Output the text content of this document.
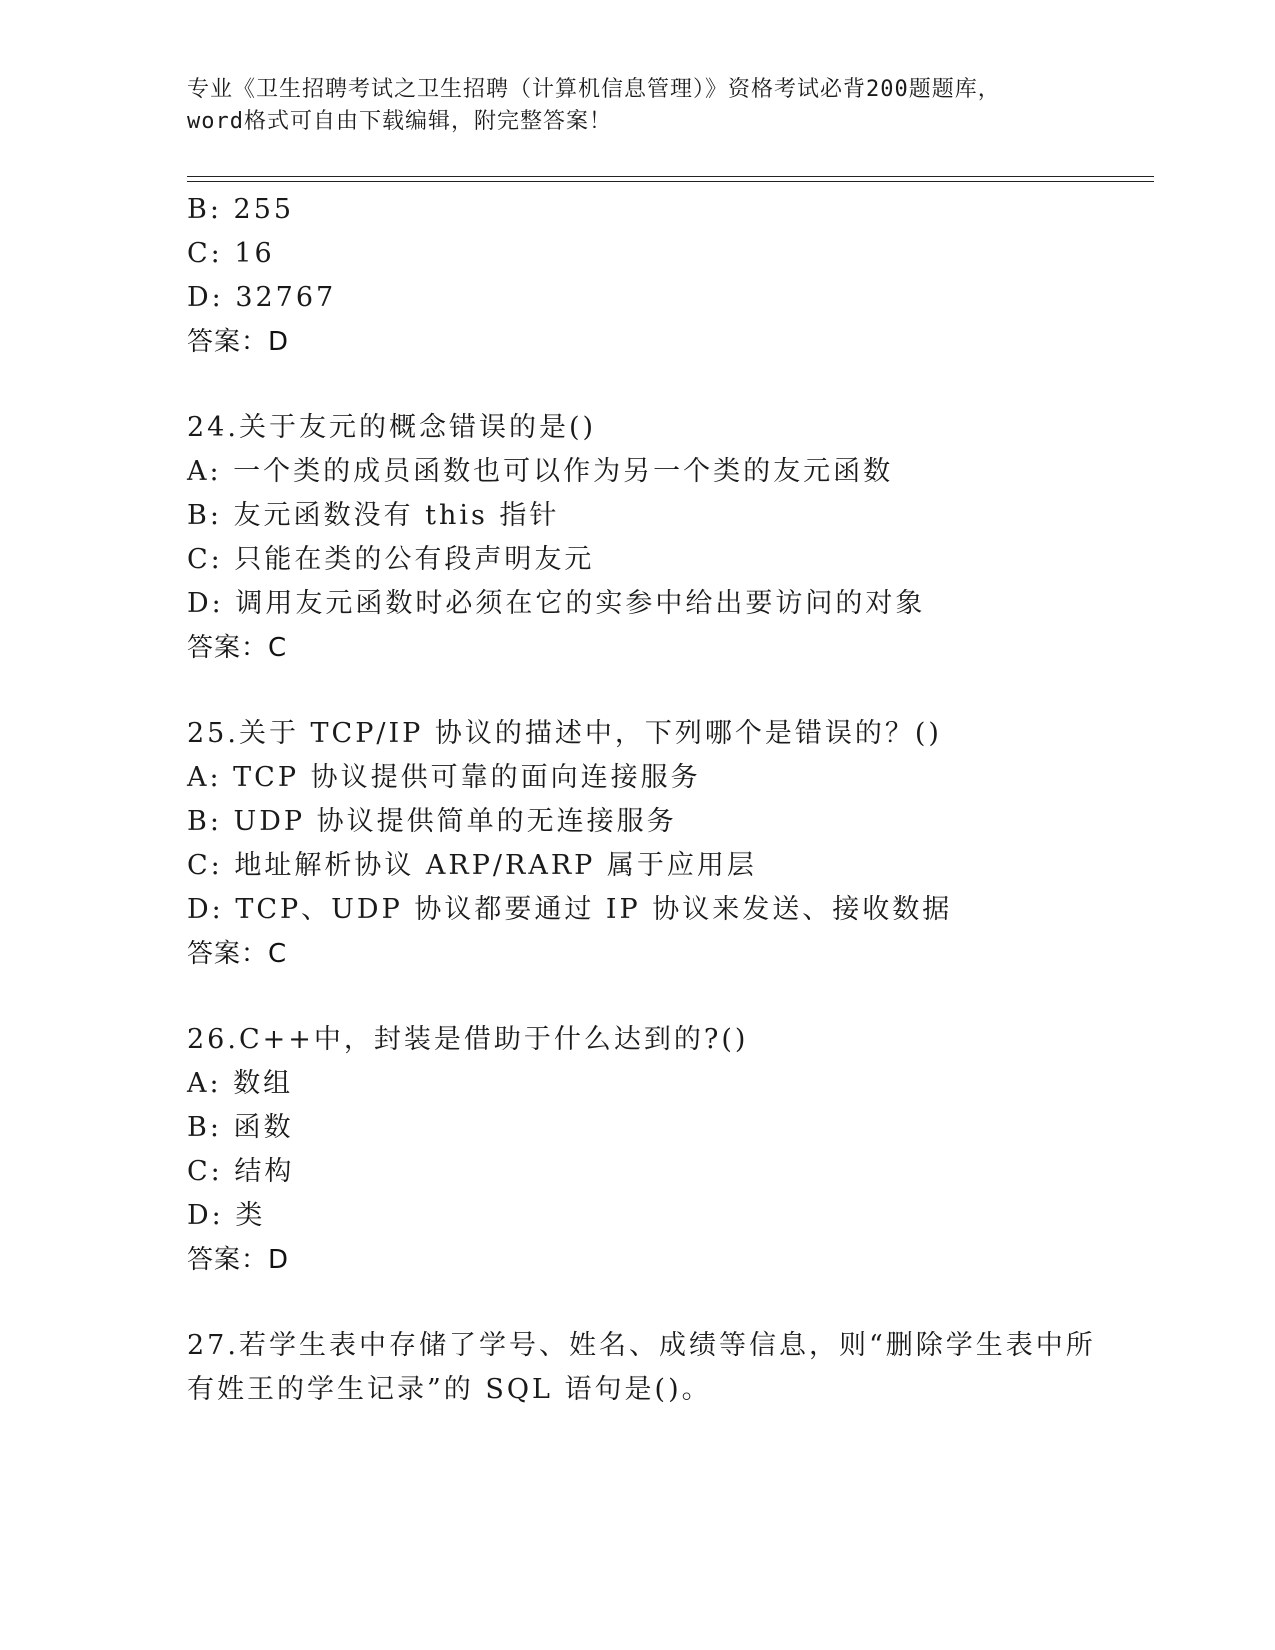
专业《卫生招聘考试之卫生招聘（计算机信息管理）》资格考试必背200题题库，
word格式可自由下载编辑，附完整答案！
B: 255
C: 16
D: 32767
答案：D
24.关于友元的概念错误的是()
A: 一个类的成员函数也可以作为另一个类的友元函数
B: 友元函数没有 this 指针
C: 只能在类的公有段声明友元
D: 调用友元函数时必须在它的实参中给出要访问的对象
答案：C
25.关于 TCP/IP 协议的描述中，下列哪个是错误的？()
A: TCP 协议提供可靠的面向连接服务
B: UDP 协议提供简单的无连接服务
C: 地址解析协议 ARP/RARP 属于应用层
D: TCP、UDP 协议都要通过 IP 协议来发送、接收数据
答案：C
26.C++中，封装是借助于什么达到的?()
A: 数组
B: 函数
C: 结构
D: 类
答案：D
27.若学生表中存储了学号、姓名、成绩等信息，则“删除学生表中所
有姓王的学生记录”的 SQL 语句是()。
